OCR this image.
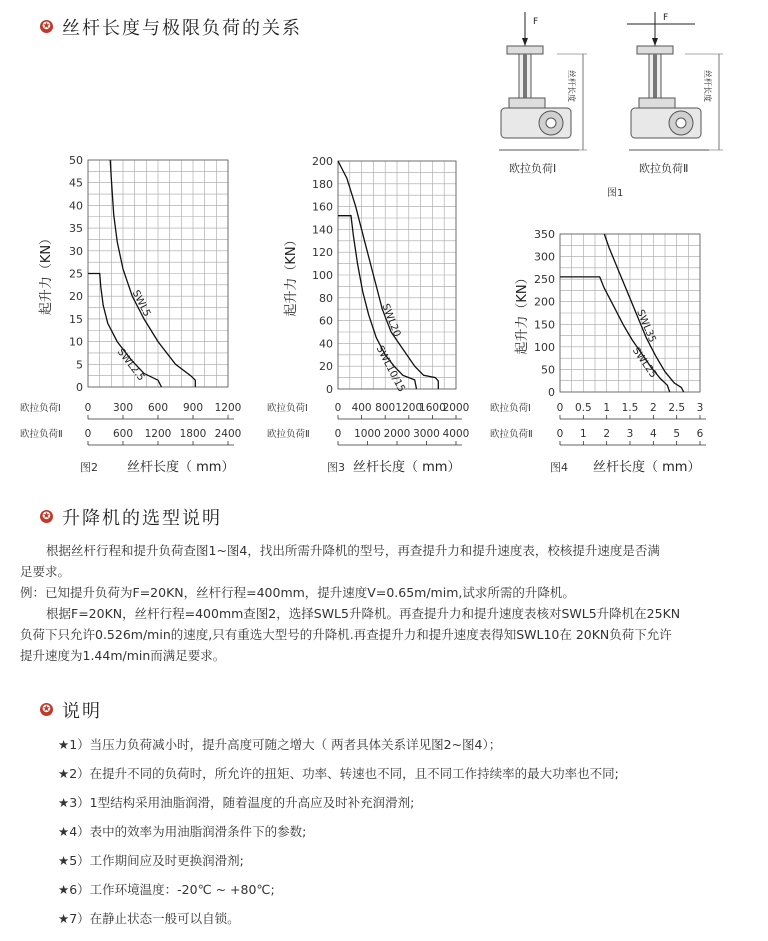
✪ 丝杆长度与极限负荷的关系	F
丝杆长度
F
丝杆长度
欧拉负荷Ⅰ	欧拉负荷Ⅱ
图1
0
5
10
15
20
25
30
35
40
45
50
起升力（KN）	SWL5
SWL2.5
欧拉负荷Ⅰ 0 300 600 900 1200
欧拉负荷Ⅱ 0 600 1200 1800 2400
图2 丝杆长度（ mm）
0
20
40
60
80
100
120
140
160
180
200
起升力（KN）
SWL20
SWL10/15
欧拉负荷Ⅰ	0 400 800 1200
1600
2000
欧拉负荷Ⅱ 0 1000 2000 3000 4000
图3 丝杆长度（ mm）
0
50
100
150
200
250
300
350
起升力（KN）	SWL35
SWL25
欧拉负荷Ⅰ 0 0.5 1 1.5 2 2.5 3
欧拉负荷Ⅱ 0 1 2 3 4 5 6
图4 丝杆长度（ mm）
✪ 升降机的选型说明
根据丝杆行程和提升负荷查图1~图4，找出所需升降机的型号，再查提升力和提升速度表，校核提升速度是否满
足要求。
例：已知提升负荷为F=20KN，丝杆行程=400mm，提升速度V=0.65m/mim,试求所需的升降机。
根据F=20KN，丝杆行程=400mm查图2，选择SWL5升降机。再查提升力和提升速度表核对SWL5升降机在25KN
负荷下只允许0.526m/min的速度,只有重选大型号的升降机.再查提升力和提升速度表得知SWL10在 20KN负荷下允许
提升速度为1.44m/min而满足要求。
✪ 说明
★1）当压力负荷减小时，提升高度可随之增大（ 两者具体关系详见图2~图4）；
★2）在提升不同的负荷时，所允许的扭矩、功率、转速也不同，且不同工作持续率的最大功率也不同;
★3）1型结构采用油脂润滑，随着温度的升高应及时补充润滑剂;
★4）表中的效率为用油脂润滑条件下的参数;
★5）工作期间应及时更换润滑剂;
★6）工作环境温度：-20℃ ~ +80℃;
★7）在静止状态一般可以自锁。
